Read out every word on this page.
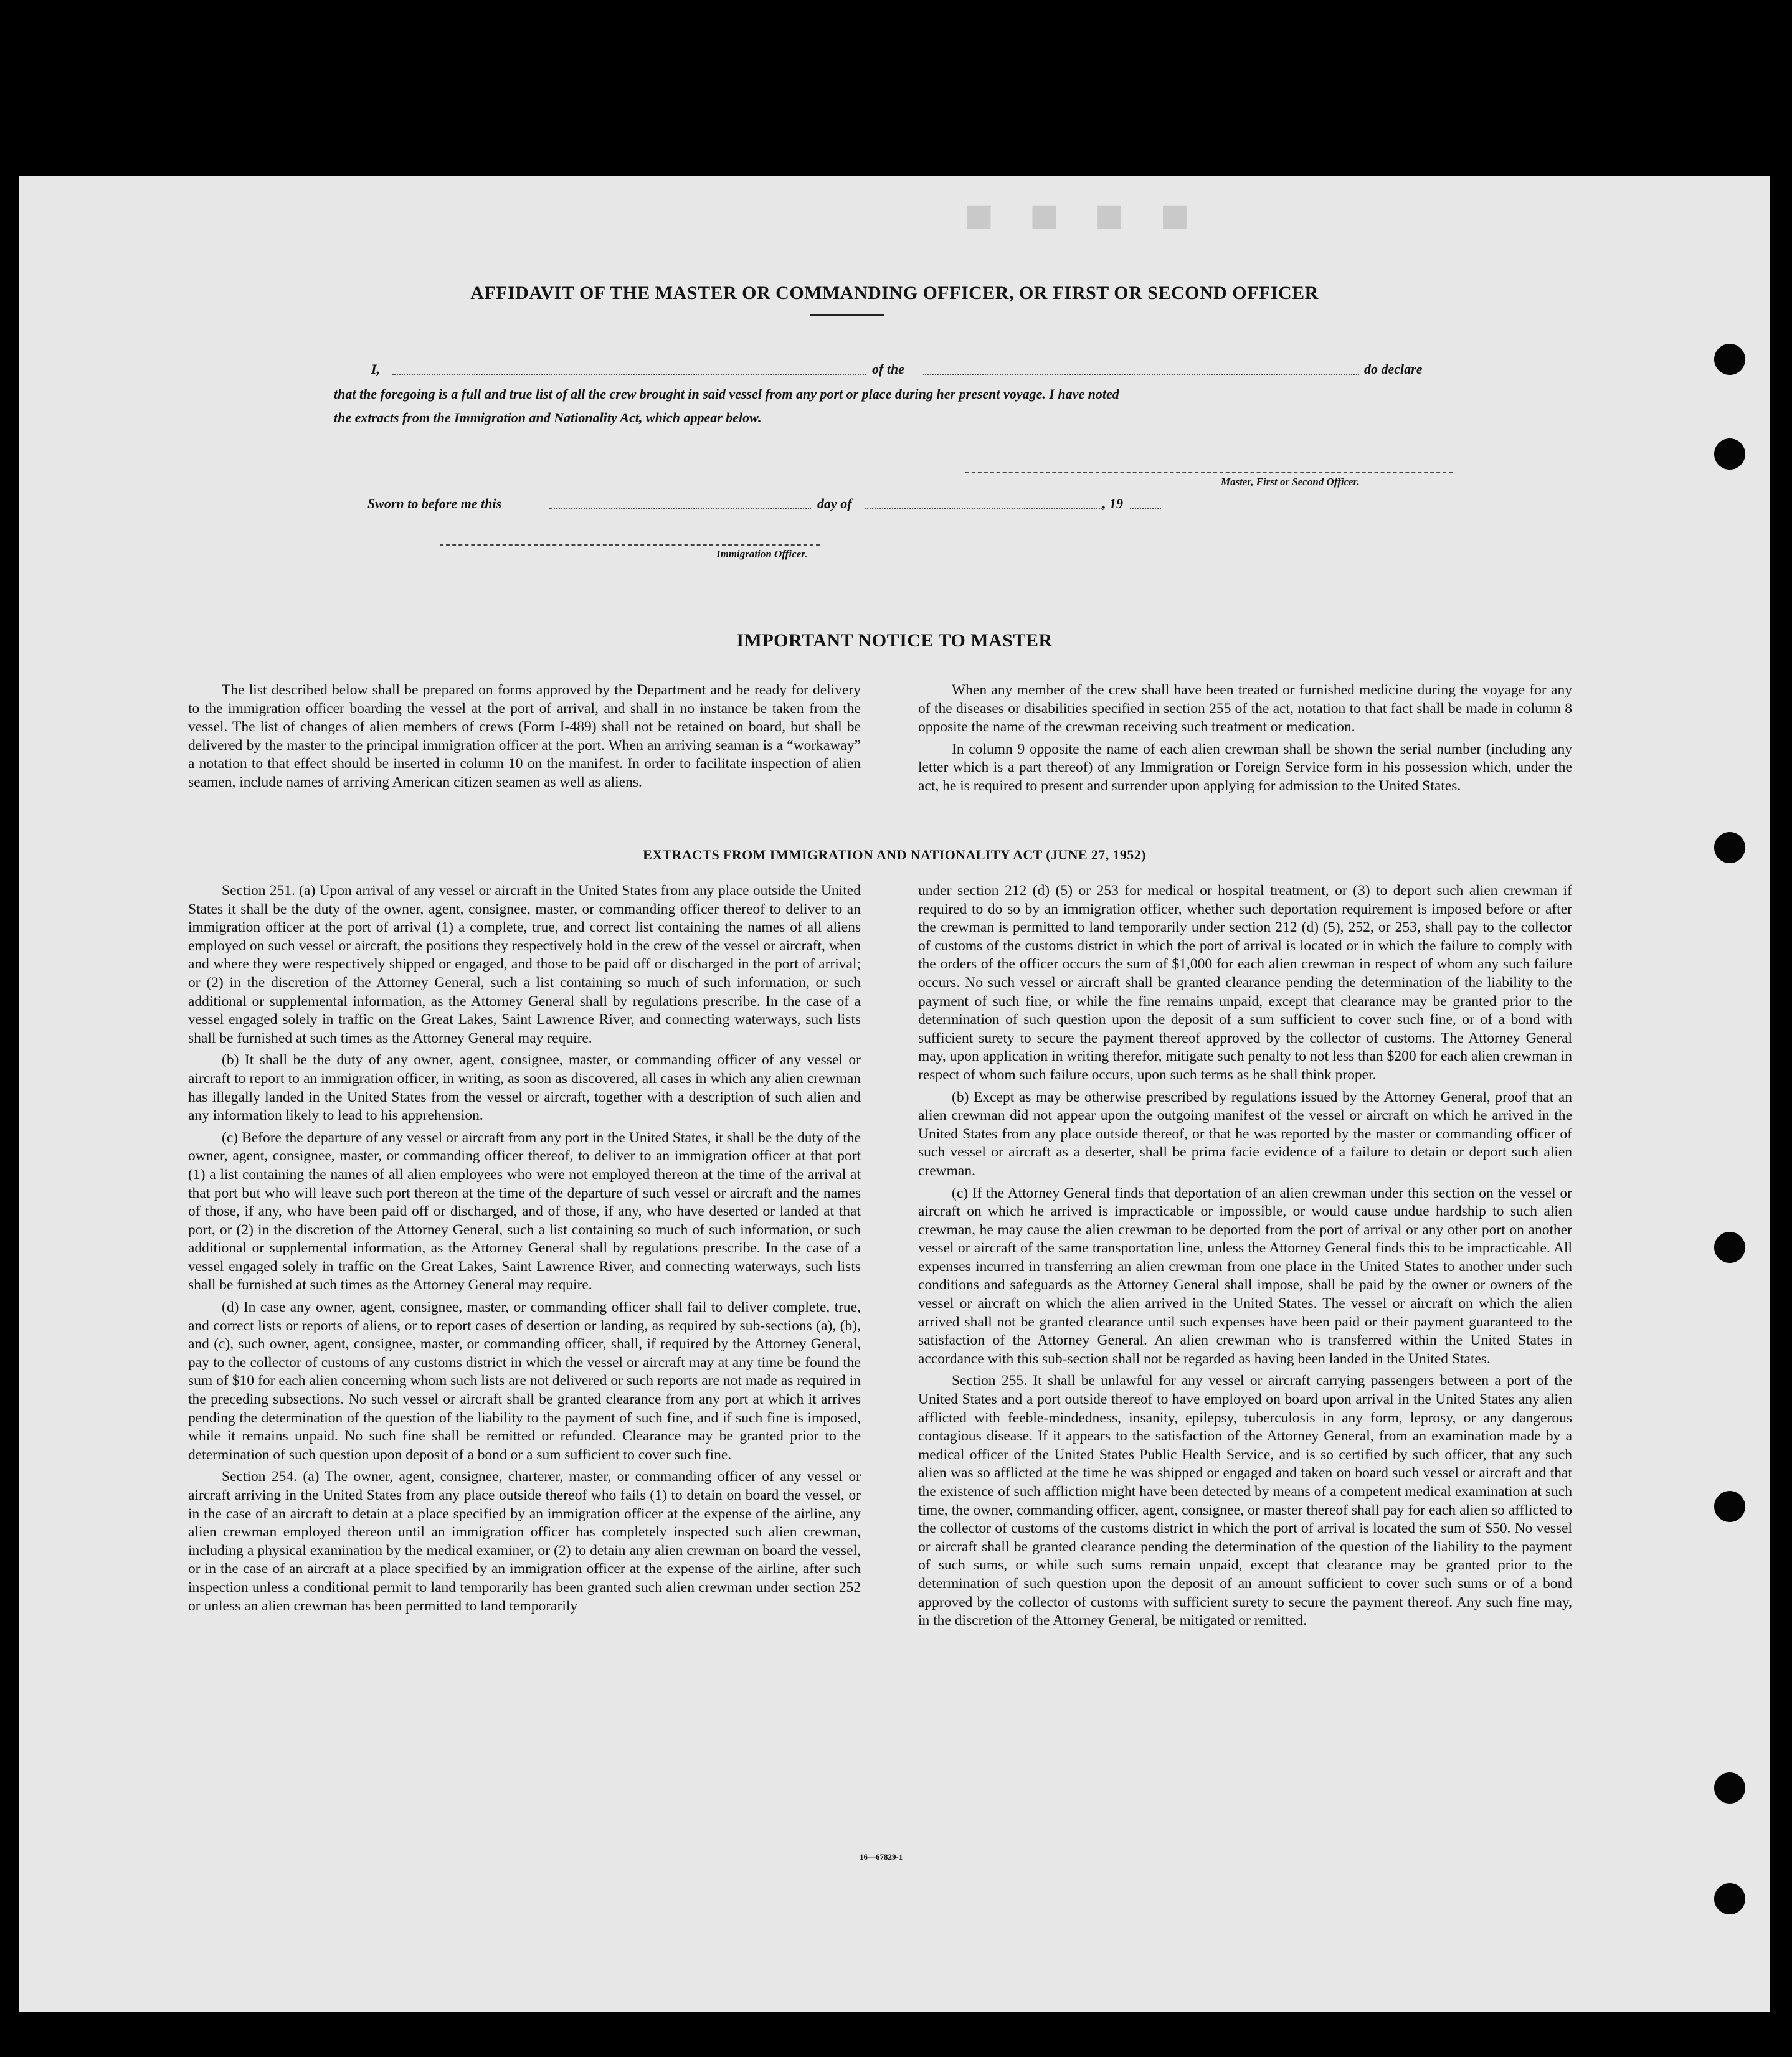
■ ■ ■ ■
AFFIDAVIT OF THE MASTER OR COMMANDING OFFICER, OR FIRST OR SECOND OFFICER
I,	of the	do declare
that the foregoing is a full and true list of all the crew brought in said vessel from any port or place during her present voyage. I have noted
the extracts from the Immigration and Nationality Act, which appear below.
Master, First or Second Officer.
Sworn to before me this	day of	, 19
Immigration Officer.
IMPORTANT NOTICE TO MASTER

The list described below shall be prepared on forms approved by the Department and be ready for delivery to the immigration officer boarding the vessel at the port of arrival, and shall in no instance be taken from the vessel. The list of changes of alien members of crews (Form I-489) shall not be retained on board, but shall be delivered by the master to the principal immigration officer at the port. When an arriving seaman is a “workaway” a notation to that effect should be inserted in column 10 on the manifest. In order to facilitate inspection of alien seamen, include names of arriving American citizen seamen as well as aliens.

When any member of the crew shall have been treated or furnished medicine during the voyage for any of the diseases or disabilities specified in section 255 of the act, notation to that fact shall be made in column 8 opposite the name of the crewman receiving such treatment or medication.

In column 9 opposite the name of each alien crewman shall be shown the serial number (including any letter which is a part thereof) of any Immigration or Foreign Service form in his possession which, under the act, he is required to present and surrender upon applying for admission to the United States.

EXTRACTS FROM IMMIGRATION AND NATIONALITY ACT (JUNE 27, 1952)

Section 251. (a) Upon arrival of any vessel or aircraft in the United States from any place outside the United States it shall be the duty of the owner, agent, consignee, master, or commanding officer thereof to deliver to an immigration officer at the port of arrival (1) a complete, true, and correct list containing the names of all aliens employed on such vessel or aircraft, the positions they respectively hold in the crew of the vessel or aircraft, when and where they were respectively shipped or engaged, and those to be paid off or discharged in the port of arrival; or (2) in the discretion of the Attorney General, such a list containing so much of such information, or such additional or supplemental information, as the Attorney General shall by regulations prescribe. In the case of a vessel engaged solely in traffic on the Great Lakes, Saint Lawrence River, and connecting waterways, such lists shall be furnished at such times as the Attorney General may require.

(b) It shall be the duty of any owner, agent, consignee, master, or commanding officer of any vessel or aircraft to report to an immigration officer, in writing, as soon as discovered, all cases in which any alien crewman has illegally landed in the United States from the vessel or aircraft, together with a description of such alien and any information likely to lead to his apprehension.

(c) Before the departure of any vessel or aircraft from any port in the United States, it shall be the duty of the owner, agent, consignee, master, or commanding officer thereof, to deliver to an immigration officer at that port (1) a list containing the names of all alien employees who were not employed thereon at the time of the arrival at that port but who will leave such port thereon at the time of the departure of such vessel or aircraft and the names of those, if any, who have been paid off or discharged, and of those, if any, who have deserted or landed at that port, or (2) in the discretion of the Attorney General, such a list containing so much of such information, or such additional or supplemental information, as the Attorney General shall by regulations prescribe. In the case of a vessel engaged solely in traffic on the Great Lakes, Saint Lawrence River, and connecting waterways, such lists shall be furnished at such times as the Attorney General may require.

(d) In case any owner, agent, consignee, master, or commanding officer shall fail to deliver complete, true, and correct lists or reports of aliens, or to report cases of desertion or landing, as required by sub-sections (a), (b), and (c), such owner, agent, consignee, master, or commanding officer, shall, if required by the Attorney General, pay to the collector of customs of any customs district in which the vessel or aircraft may at any time be found the sum of $10 for each alien concerning whom such lists are not delivered or such reports are not made as required in the preceding subsections. No such vessel or aircraft shall be granted clearance from any port at which it arrives pending the determination of the question of the liability to the payment of such fine, and if such fine is imposed, while it remains unpaid. No such fine shall be remitted or refunded. Clearance may be granted prior to the determination of such question upon deposit of a bond or a sum sufficient to cover such fine.

Section 254. (a) The owner, agent, consignee, charterer, master, or commanding officer of any vessel or aircraft arriving in the United States from any place outside thereof who fails (1) to detain on board the vessel, or in the case of an aircraft to detain at a place specified by an immigration officer at the expense of the airline, any alien crewman employed thereon until an immigration officer has completely inspected such alien crewman, including a physical examination by the medical examiner, or (2) to detain any alien crewman on board the vessel, or in the case of an aircraft at a place specified by an immigration officer at the expense of the airline, after such inspection unless a conditional permit to land temporarily has been granted such alien crewman under section 252 or unless an alien crewman has been permitted to land temporarily

under section 212 (d) (5) or 253 for medical or hospital treatment, or (3) to deport such alien crewman if required to do so by an immigration officer, whether such deportation requirement is imposed before or after the crewman is permitted to land temporarily under section 212 (d) (5), 252, or 253, shall pay to the collector of customs of the customs district in which the port of arrival is located or in which the failure to comply with the orders of the officer occurs the sum of $1,000 for each alien crewman in respect of whom any such failure occurs. No such vessel or aircraft shall be granted clearance pending the determination of the liability to the payment of such fine, or while the fine remains unpaid, except that clearance may be granted prior to the determination of such question upon the deposit of a sum sufficient to cover such fine, or of a bond with sufficient surety to secure the payment thereof approved by the collector of customs. The Attorney General may, upon application in writing therefor, mitigate such penalty to not less than $200 for each alien crewman in respect of whom such failure occurs, upon such terms as he shall think proper.

(b) Except as may be otherwise prescribed by regulations issued by the Attorney General, proof that an alien crewman did not appear upon the outgoing manifest of the vessel or aircraft on which he arrived in the United States from any place outside thereof, or that he was reported by the master or commanding officer of such vessel or aircraft as a deserter, shall be prima facie evidence of a failure to detain or deport such alien crewman.

(c) If the Attorney General finds that deportation of an alien crewman under this section on the vessel or aircraft on which he arrived is impracticable or impossible, or would cause undue hardship to such alien crewman, he may cause the alien crewman to be deported from the port of arrival or any other port on another vessel or aircraft of the same transportation line, unless the Attorney General finds this to be impracticable. All expenses incurred in transferring an alien crewman from one place in the United States to another under such conditions and safeguards as the Attorney General shall impose, shall be paid by the owner or owners of the vessel or aircraft on which the alien arrived in the United States. The vessel or aircraft on which the alien arrived shall not be granted clearance until such expenses have been paid or their payment guaranteed to the satisfaction of the Attorney General. An alien crewman who is transferred within the United States in accordance with this sub-section shall not be regarded as having been landed in the United States.

Section 255. It shall be unlawful for any vessel or aircraft carrying passengers between a port of the United States and a port outside thereof to have employed on board upon arrival in the United States any alien afflicted with feeble-mindedness, insanity, epilepsy, tuberculosis in any form, leprosy, or any dangerous contagious disease. If it appears to the satisfaction of the Attorney General, from an examination made by a medical officer of the United States Public Health Service, and is so certified by such officer, that any such alien was so afflicted at the time he was shipped or engaged and taken on board such vessel or aircraft and that the existence of such affliction might have been detected by means of a competent medical examination at such time, the owner, commanding officer, agent, consignee, or master thereof shall pay for each alien so afflicted to the collector of customs of the customs district in which the port of arrival is located the sum of $50. No vessel or aircraft shall be granted clearance pending the determination of the question of the liability to the payment of such sums, or while such sums remain unpaid, except that clearance may be granted prior to the determination of such question upon the deposit of an amount sufficient to cover such sums or of a bond approved by the collector of customs with sufficient surety to secure the payment thereof. Any such fine may, in the discretion of the Attorney General, be mitigated or remitted.

16—67829-1
